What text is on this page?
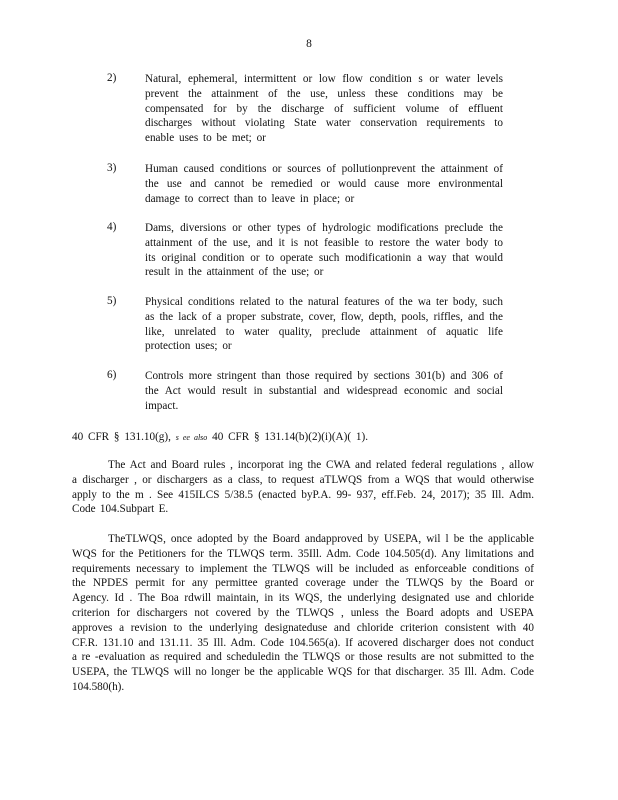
8
2)	Natural, ephemeral, intermittent or low flow condition s or water levels prevent the attainment of the use, unless these conditions may be compensated for by the discharge of sufficient volume of effluent discharges without violating State water conservation requirements to enable uses to be met; or
3)	Human caused conditions or sources of pollutionprevent the attainment of the use and cannot be remedied or would cause more environmental damage to correct than to leave in place; or
4)	Dams, diversions or other types of hydrologic modifications preclude the attainment of the use, and it is not feasible to restore the water body to its original condition or to operate such modificationin a way that would result in the attainment of the use; or
5)	Physical conditions related to the natural features of the wa ter body, such as the lack of a proper substrate, cover, flow, depth, pools, riffles, and the like, unrelated to water quality, preclude attainment of aquatic life protection uses; or
6)	Controls more stringent than those required by sections 301(b) and 306 of the Act would result in substantial and widespread economic and social impact.
40 CFR § 131.10(g), s ee also 40 CFR § 131.14(b)(2)(i)(A)( 1).
The Act and Board rules , incorporat ing the CWA and related federal regulations , allow a discharger , or dischargers as a class, to request aTLWQS from a WQS that would otherwise apply to the m . See 415ILCS 5/38.5 (enacted byP.A. 99- 937, eff.Feb. 24, 2017); 35 Ill. Adm. Code 104.Subpart E.
TheTLWQS, once adopted by the Board andapproved by USEPA, wil l be the applicable WQS for the Petitioners for the TLWQS term. 35Ill. Adm. Code 104.505(d). Any limitations and requirements necessary to implement the TLWQS will be included as enforceable conditions of the NPDES permit for any permittee granted coverage under the TLWQS by the Board or Agency. Id . The Boa rdwill maintain, in its WQS, the underlying designated use and chloride criterion for dischargers not covered by the TLWQS , unless the Board adopts and USEPA approves a revision to the underlying designateduse and chloride criterion consistent with 40 CF.R. 131.10 and 131.11. 35 Ill. Adm. Code 104.565(a). If acovered discharger does not conduct a re -evaluation as required and scheduledin the TLWQS or those results are not submitted to the USEPA, the TLWQS will no longer be the applicable WQS for that discharger. 35 Ill. Adm. Code 104.580(h).
